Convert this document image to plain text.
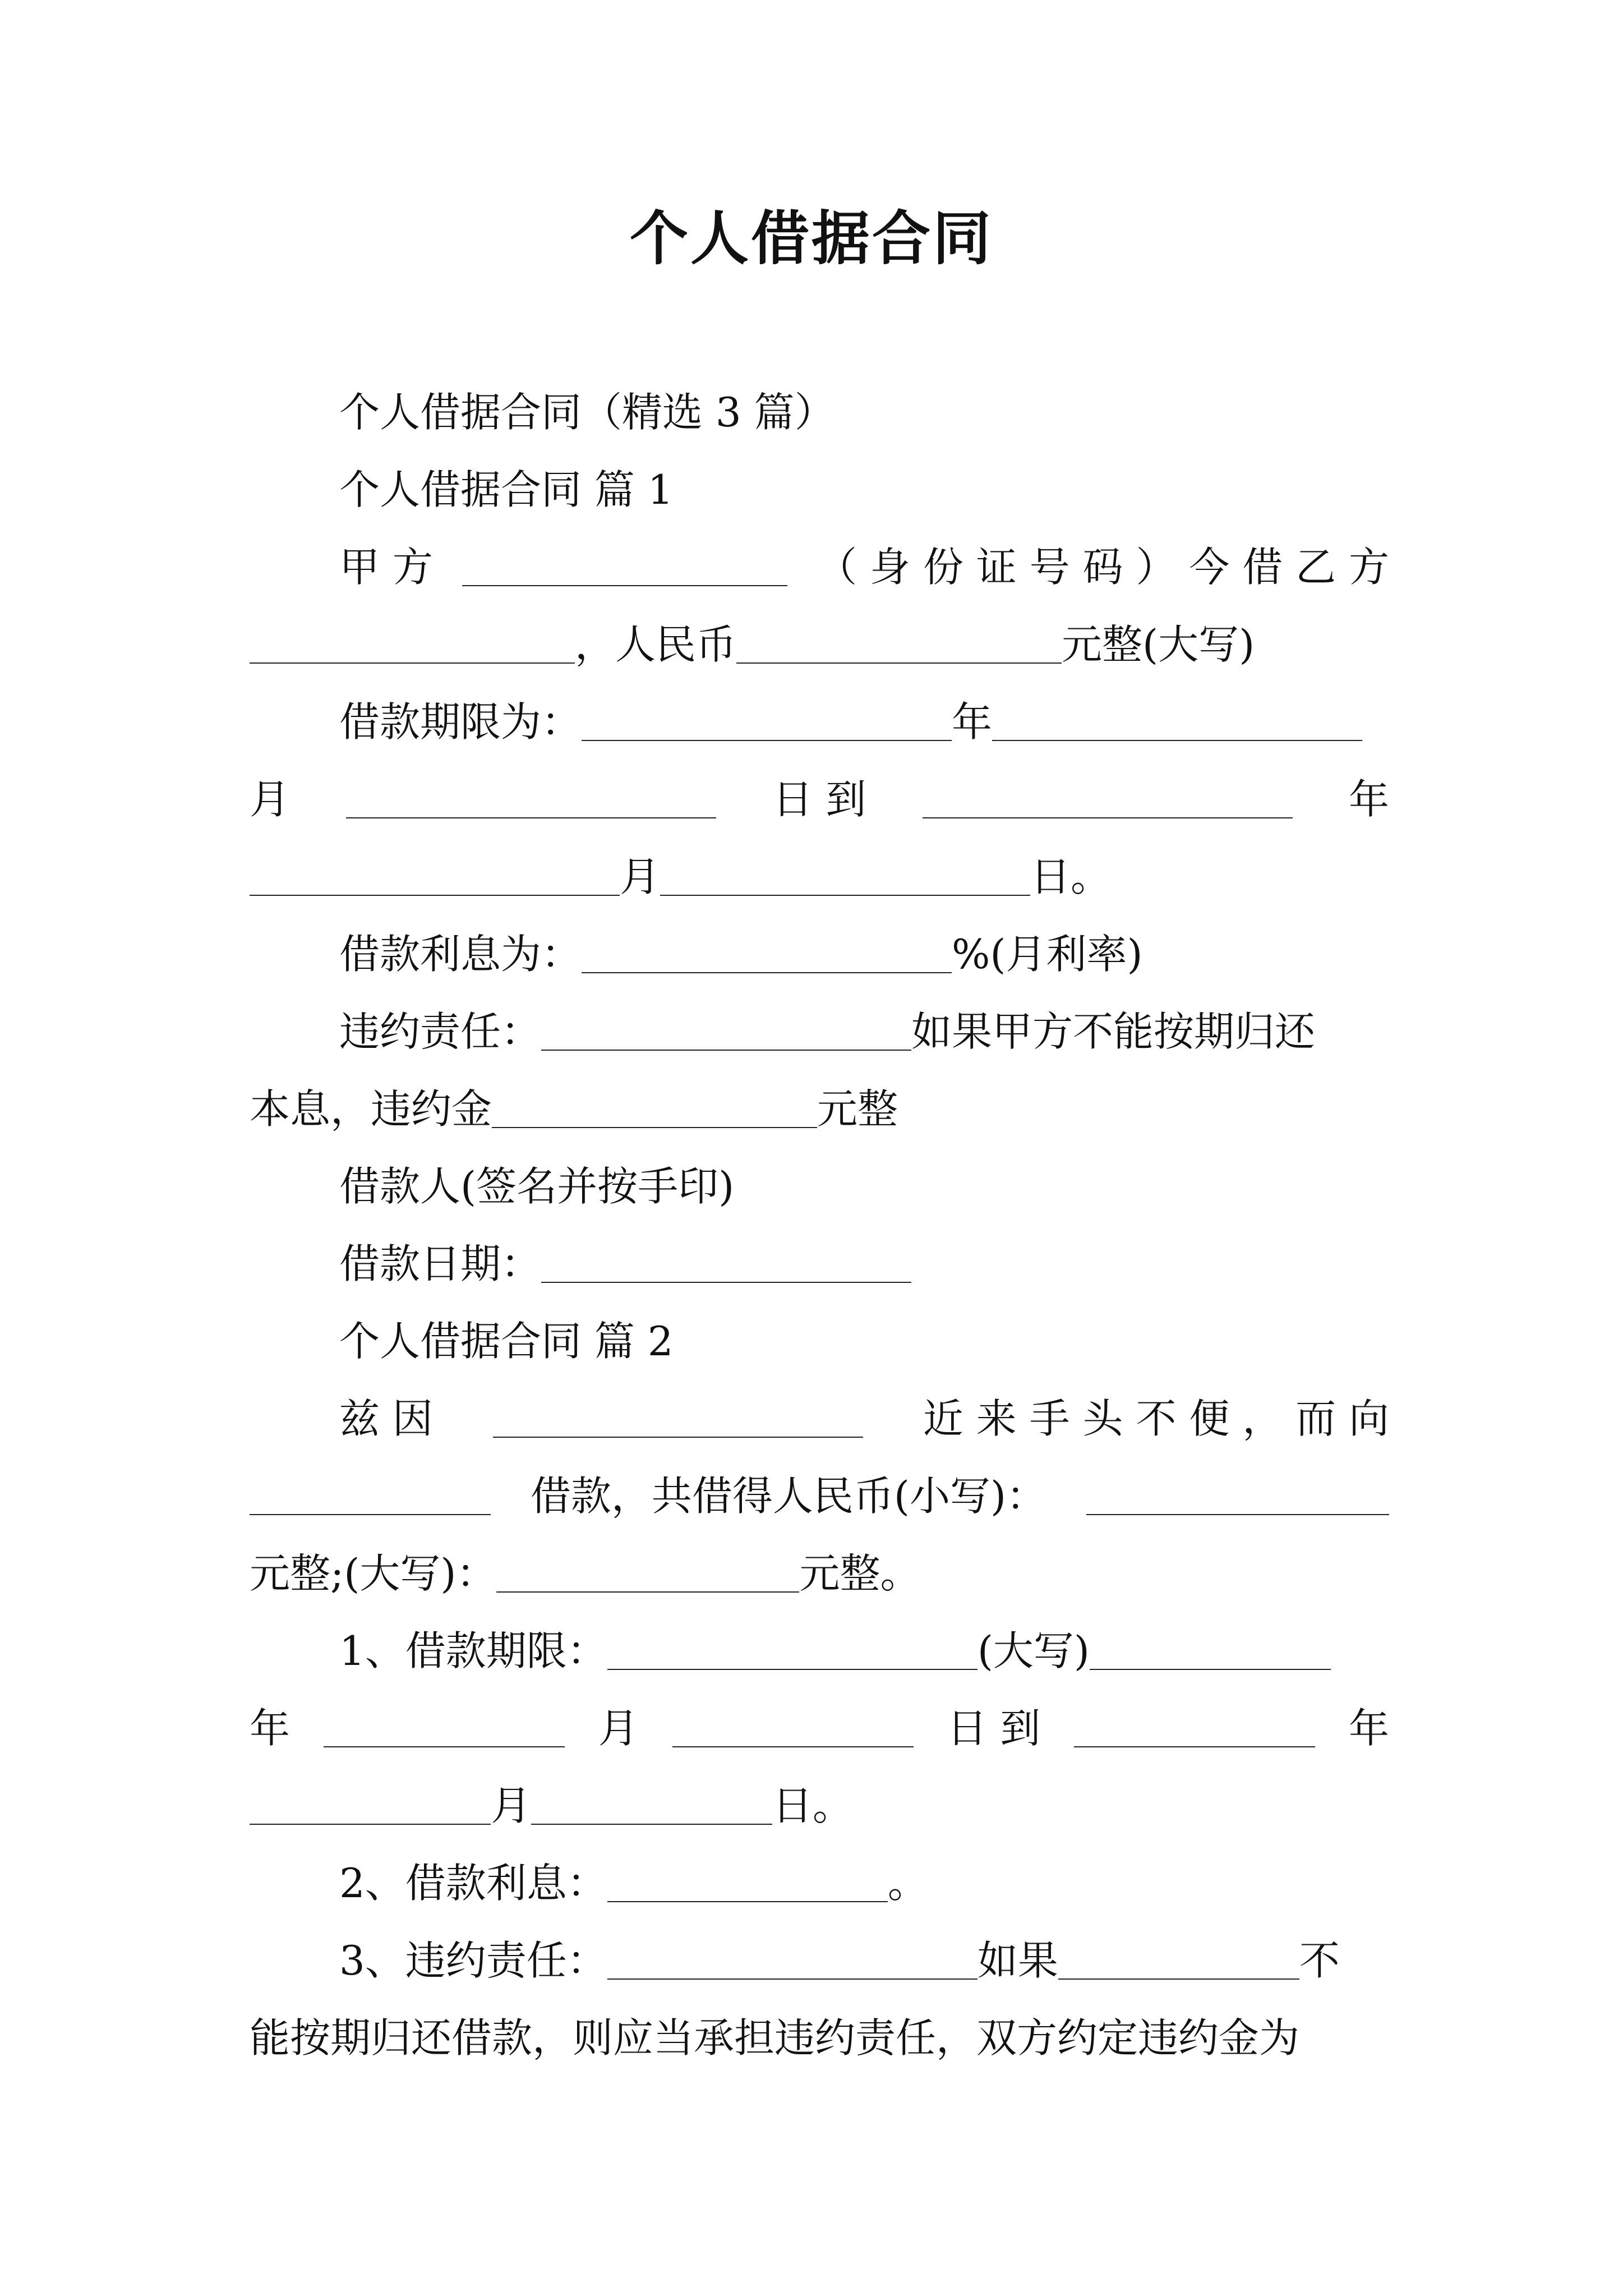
个人借据合同
个人借据合同（精选 3 篇）
个人借据合同 篇 1
甲 方	（ 身 份 证 号 码 ） 今 借 乙 方
，人民币	元整(大写)
借款期限为：	年
月	日 到	年
月	日。
借款利息为：	%(月利率)
违约责任：	如果甲方不能按期归还
本息，违约金	元整
借款人(签名并按手印)
借款日期：
个人借据合同 篇 2
兹 因	近 来 手 头 不 便 ， 而 向
借款，共借得人民币(小写)：
元整;(大写)：	元整。
1、借款期限：	(大写)
年	月	日 到	年
月	日。
2、借款利息：	。
3、违约责任：	如果	不
能按期归还借款，则应当承担违约责任，双方约定违约金为
